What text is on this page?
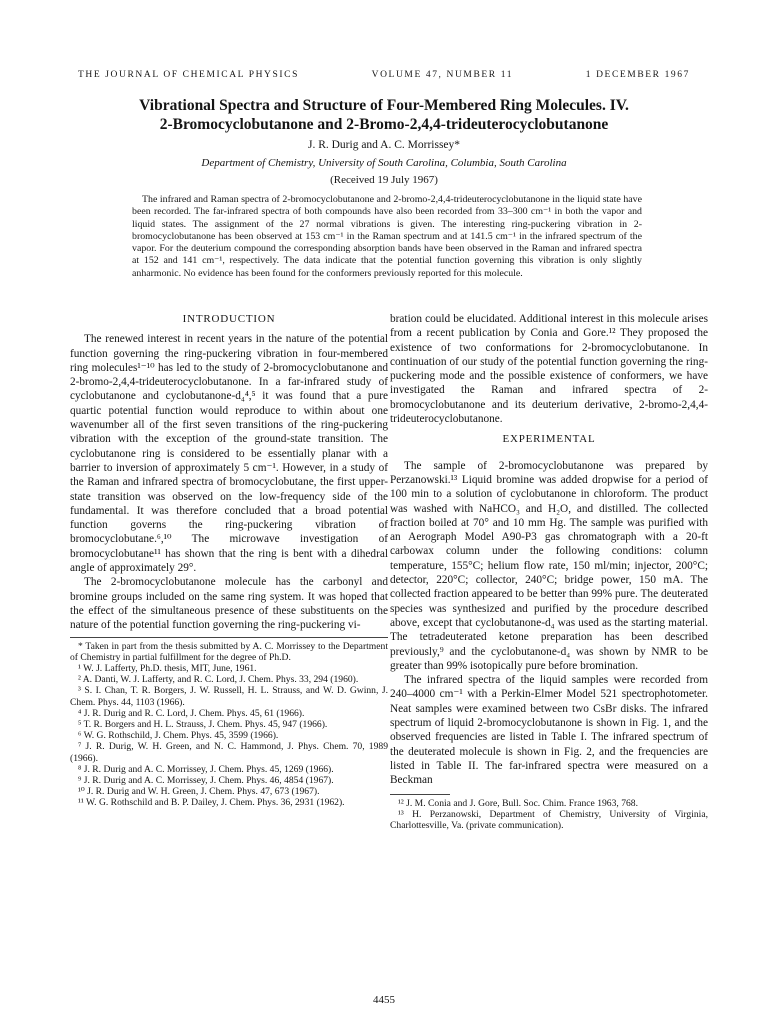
THE JOURNAL OF CHEMICAL PHYSICS	VOLUME 47, NUMBER 11	1 DECEMBER 1967
Vibrational Spectra and Structure of Four-Membered Ring Molecules. IV.
2-Bromocyclobutanone and 2-Bromo-2,4,4-trideuterocyclobutanone
J. R. Durig and A. C. Morrissey*
Department of Chemistry, University of South Carolina, Columbia, South Carolina
(Received 19 July 1967)
The infrared and Raman spectra of 2-bromocyclobutanone and 2-bromo-2,4,4-trideuterocyclobutanone in the liquid state have been recorded. The far-infrared spectra of both compounds have also been recorded from 33–300 cm⁻¹ in both the vapor and liquid states. The assignment of the 27 normal vibrations is given. The interesting ring-puckering vibration in 2-bromocyclobutanone has been observed at 153 cm⁻¹ in the Raman spectrum and at 141.5 cm⁻¹ in the infrared spectrum of the vapor. For the deuterium compound the corresponding absorption bands have been observed in the Raman and infrared spectra at 152 and 141 cm⁻¹, respectively. The data indicate that the potential function governing this vibration is only slightly anharmonic. No evidence has been found for the conformers previously reported for this molecule.
INTRODUCTION

The renewed interest in recent years in the nature of the potential function governing the ring-puckering vibration in four-membered ring molecules¹⁻¹⁰ has led to the study of 2-bromocyclobutanone and 2-bromo-2,4,4-trideuterocyclobutanone. In a far-infrared study of cyclobutanone and cyclobutanone-d₄⁴,⁵ it was found that a pure quartic potential function would reproduce to within about one wavenumber all of the first seven transitions of the ring-puckering vibration with the exception of the ground-state transition. The cyclobutanone ring is considered to be essentially planar with a barrier to inversion of approximately 5 cm⁻¹. However, in a study of the Raman and infrared spectra of bromocyclobutane, the first upper-state transition was observed on the low-frequency side of the fundamental. It was therefore concluded that a broad potential function governs the ring-puckering vibration of bromocyclobutane.⁶,¹⁰ The microwave investigation of bromocyclobutane¹¹ has shown that the ring is bent with a dihedral angle of approximately 29°.

The 2-bromocyclobutanone molecule has the carbonyl and bromine groups included on the same ring system. It was hoped that the effect of the simultaneous presence of these substituents on the nature of the potential function governing the ring-puckering vi-

* Taken in part from the thesis submitted by A. C. Morrissey to the Department of Chemistry in partial fulfillment for the degree of Ph.D.

¹ W. J. Lafferty, Ph.D. thesis, MIT, June, 1961.

² A. Danti, W. J. Lafferty, and R. C. Lord, J. Chem. Phys. 33, 294 (1960).

³ S. I. Chan, T. R. Borgers, J. W. Russell, H. L. Strauss, and W. D. Gwinn, J. Chem. Phys. 44, 1103 (1966).

⁴ J. R. Durig and R. C. Lord, J. Chem. Phys. 45, 61 (1966).

⁵ T. R. Borgers and H. L. Strauss, J. Chem. Phys. 45, 947 (1966).

⁶ W. G. Rothschild, J. Chem. Phys. 45, 3599 (1966).

⁷ J. R. Durig, W. H. Green, and N. C. Hammond, J. Phys. Chem. 70, 1989 (1966).

⁸ J. R. Durig and A. C. Morrissey, J. Chem. Phys. 45, 1269 (1966).

⁹ J. R. Durig and A. C. Morrissey, J. Chem. Phys. 46, 4854 (1967).

¹⁰ J. R. Durig and W. H. Green, J. Chem. Phys. 47, 673 (1967).

¹¹ W. G. Rothschild and B. P. Dailey, J. Chem. Phys. 36, 2931 (1962).

bration could be elucidated. Additional interest in this molecule arises from a recent publication by Conia and Gore.¹² They proposed the existence of two conformations for 2-bromocyclobutanone. In continuation of our study of the potential function governing the ring-puckering mode and the possible existence of conformers, we have investigated the Raman and infrared spectra of 2-bromocyclobutanone and its deuterium derivative, 2-bromo-2,4,4-trideuterocyclobutanone.

EXPERIMENTAL

The sample of 2-bromocyclobutanone was prepared by Perzanowski.¹³ Liquid bromine was added dropwise for a period of 100 min to a solution of cyclobutanone in chloroform. The product was washed with NaHCO₃ and H₂O, and distilled. The collected fraction boiled at 70° and 10 mm Hg. The sample was purified with an Aerograph Model A90-P3 gas chromatograph with a 20-ft carbowax column under the following conditions: column temperature, 155°C; helium flow rate, 150 ml/min; injector, 200°C; detector, 220°C; collector, 240°C; bridge power, 150 mA. The collected fraction appeared to be better than 99% pure. The deuterated species was synthesized and purified by the procedure described above, except that cyclobutanone-d₄ was used as the starting material. The tetradeuterated ketone preparation has been described previously,⁹ and the cyclobutanone-d₄ was shown by NMR to be greater than 99% isotopically pure before bromination.

The infrared spectra of the liquid samples were recorded from 240–4000 cm⁻¹ with a Perkin-Elmer Model 521 spectrophotometer. Neat samples were examined between two CsBr disks. The infrared spectrum of liquid 2-bromocyclobutanone is shown in Fig. 1, and the observed frequencies are listed in Table I. The infrared spectrum of the deuterated molecule is shown in Fig. 2, and the frequencies are listed in Table II. The far-infrared spectra were measured on a Beckman

¹² J. M. Conia and J. Gore, Bull. Soc. Chim. France 1963, 768.

¹³ H. Perzanowski, Department of Chemistry, University of Virginia, Charlottesville, Va. (private communication).

4455
